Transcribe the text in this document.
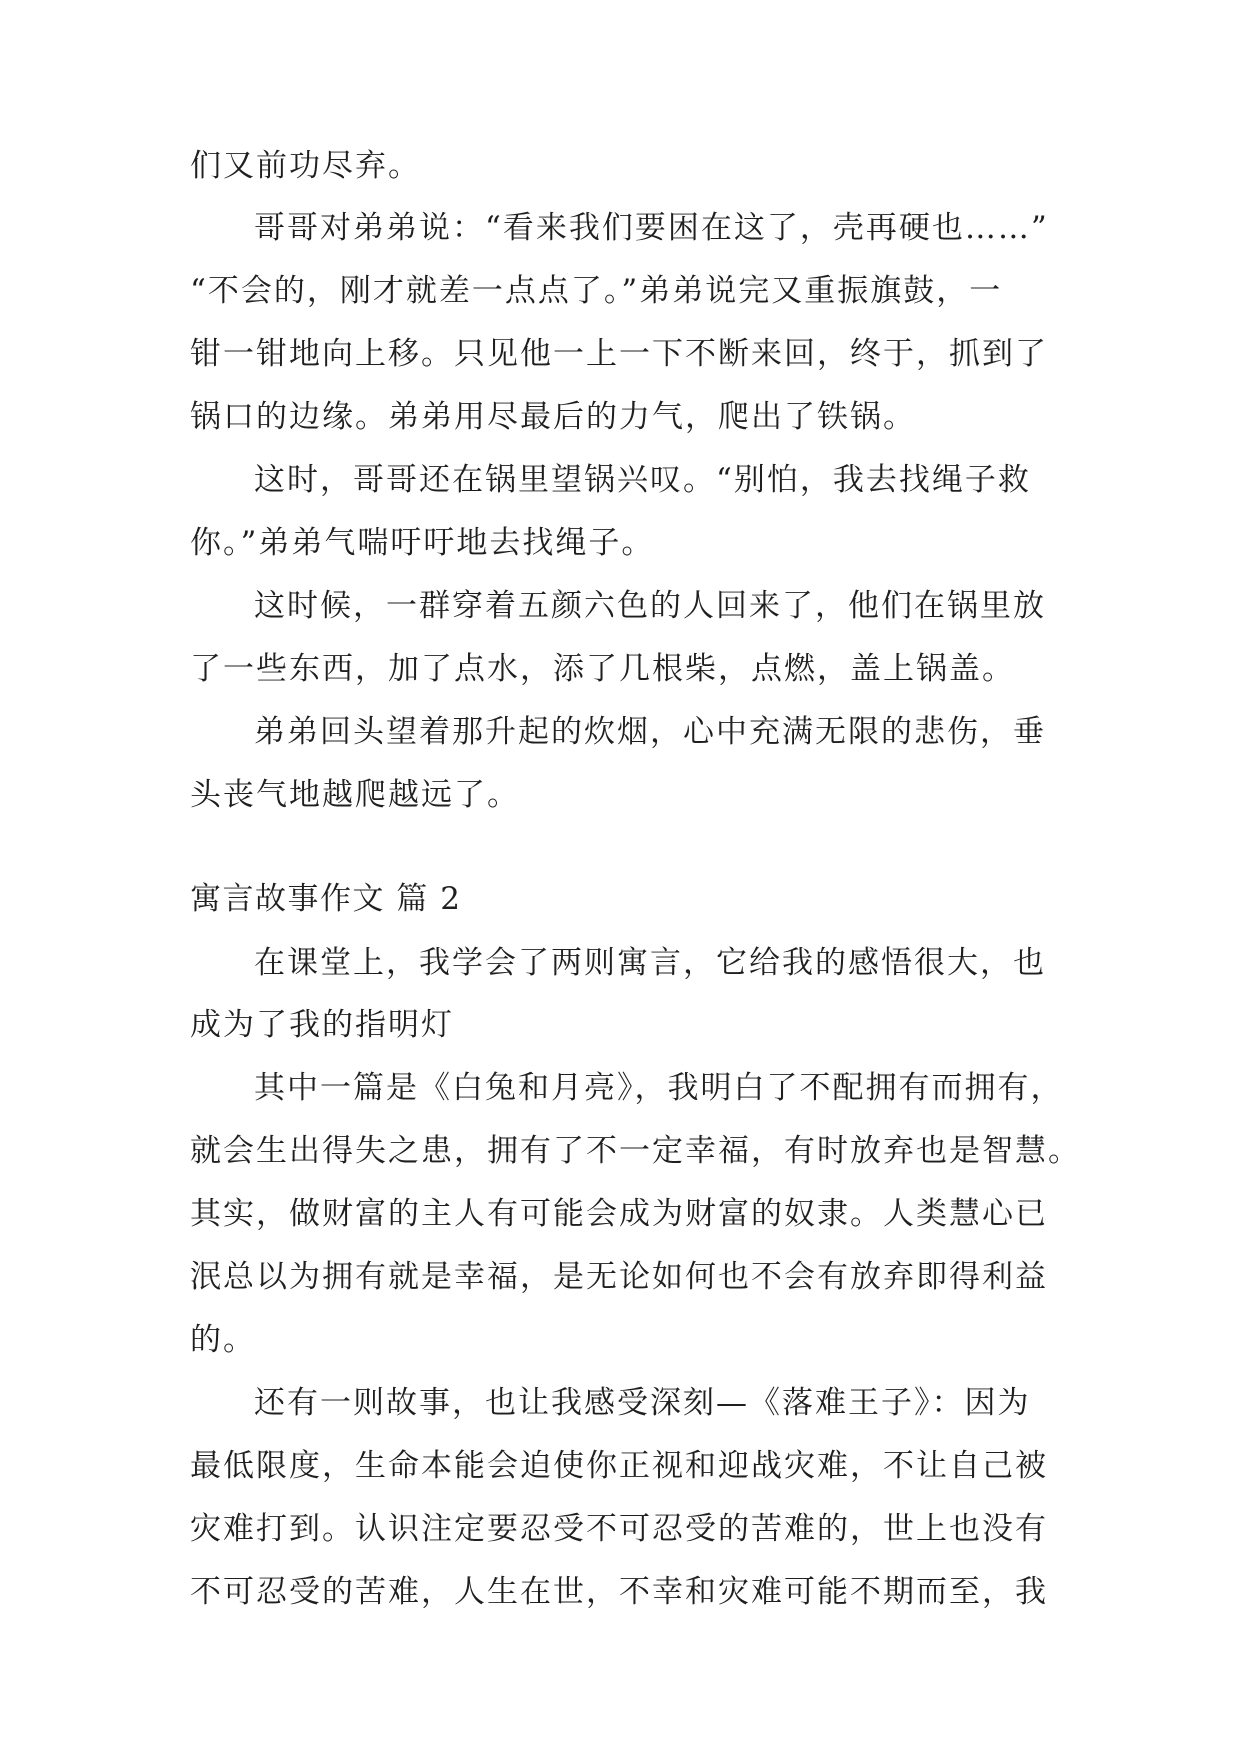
们又前功尽弃。
哥哥对弟弟说：“看来我们要困在这了，壳再硬也……”
“不会的，刚才就差一点点了。”弟弟说完又重振旗鼓，一
钳一钳地向上移。只见他一上一下不断来回，终于，抓到了
锅口的边缘。弟弟用尽最后的力气，爬出了铁锅。
这时，哥哥还在锅里望锅兴叹。“别怕，我去找绳子救
你。”弟弟气喘吁吁地去找绳子。
这时候，一群穿着五颜六色的人回来了，他们在锅里放
了一些东西，加了点水，添了几根柴，点燃，盖上锅盖。
弟弟回头望着那升起的炊烟，心中充满无限的悲伤，垂
头丧气地越爬越远了。
寓言故事作文 篇 2
在课堂上，我学会了两则寓言，它给我的感悟很大，也
成为了我的指明灯
其中一篇是《白兔和月亮》，我明白了不配拥有而拥有，
就会生出得失之患，拥有了不一定幸福，有时放弃也是智慧。
其实，做财富的主人有可能会成为财富的奴隶。人类慧心已
泯总以为拥有就是幸福，是无论如何也不会有放弃即得利益
的。
还有一则故事，也让我感受深刻—《落难王子》：因为
最低限度，生命本能会迫使你正视和迎战灾难，不让自己被
灾难打到。认识注定要忍受不可忍受的苦难的，世上也没有
不可忍受的苦难，人生在世，不幸和灾难可能不期而至，我
